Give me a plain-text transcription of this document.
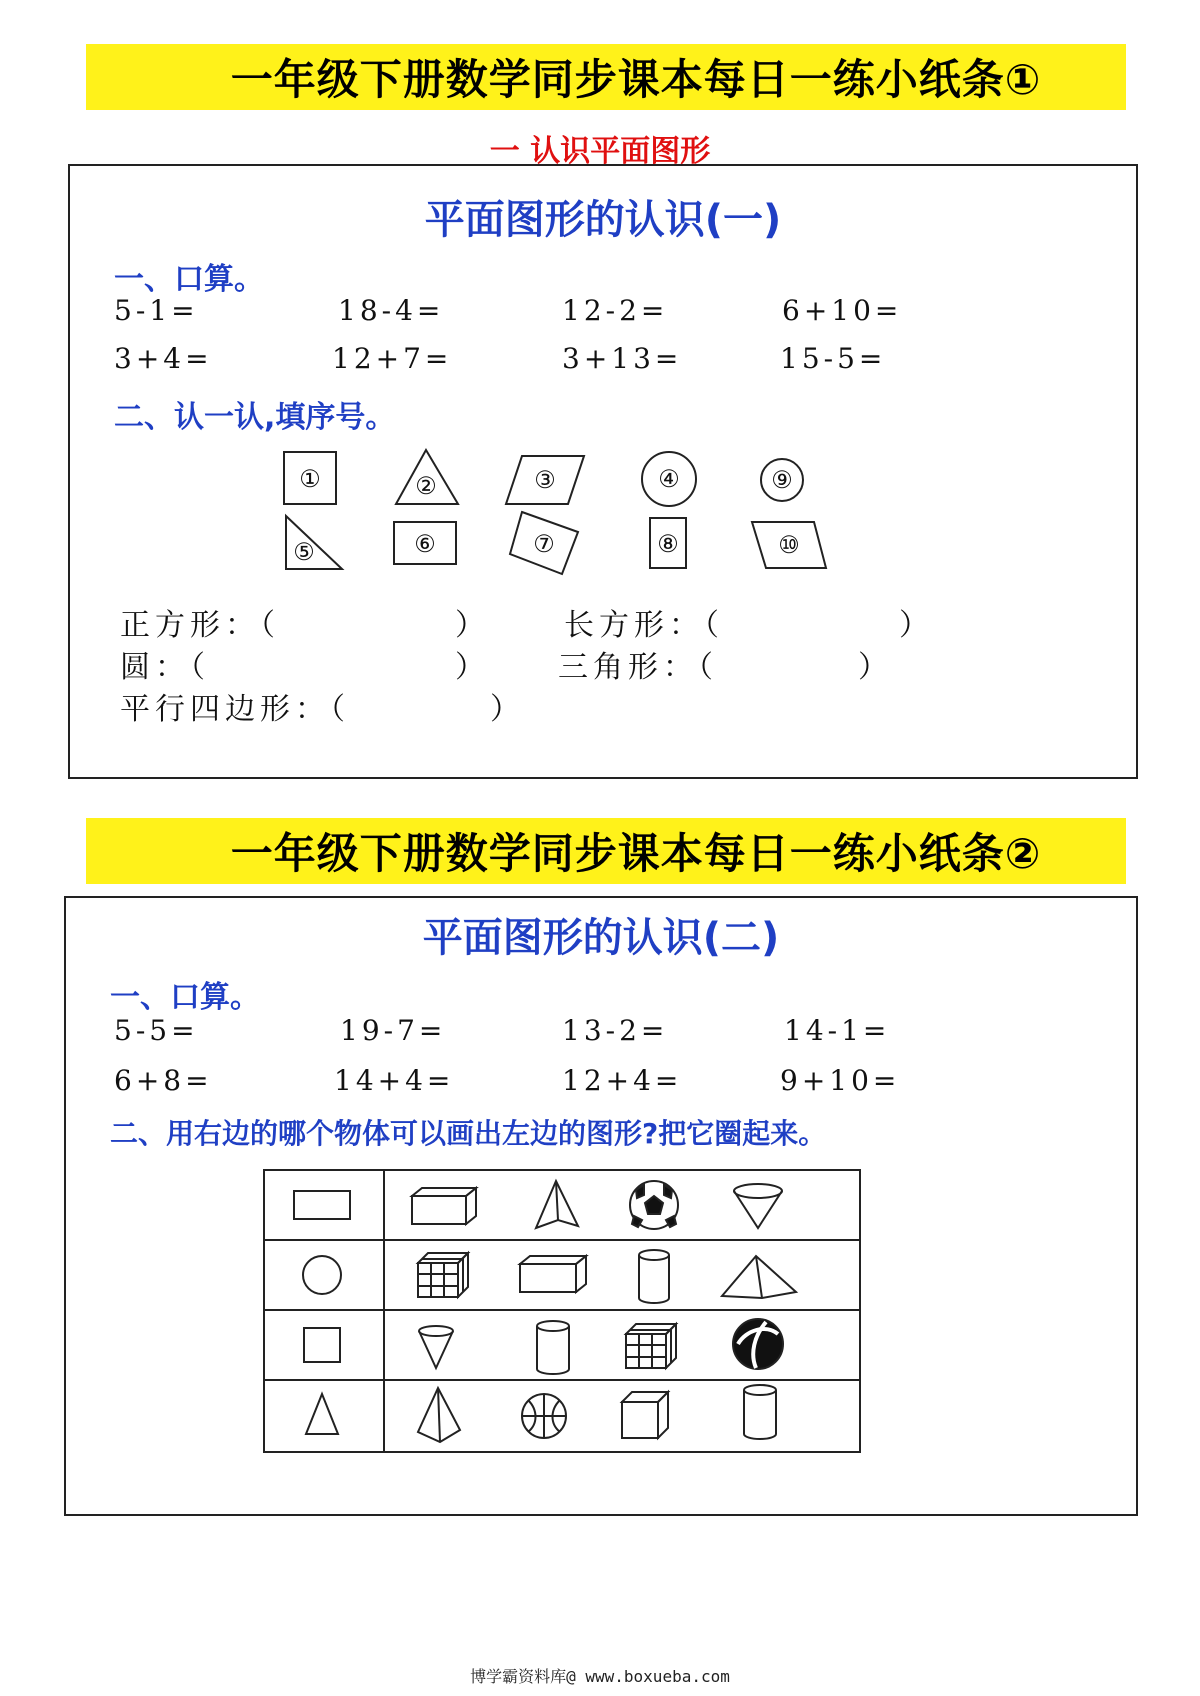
一年级下册数学同步课本每日一练小纸条①
一 认识平面图形
平面图形的认识(一)
一、口算。
5-1=	18-4=	12-2=	6+10=
3+4=	12+7=	3+13=	15-5=
二、认一认,填序号。
①	②	③	④	⑨
⑤	⑥	⑦	⑧	⑩
正方形：（　　　　　） 长方形：（　　　　　）
圆：（　　　　　　　） 三角形：（　　　　）
平行四边形：（　　　　）
一年级下册数学同步课本每日一练小纸条②
平面图形的认识(二)
一、口算。
5-5=	19-7=	13-2=	14-1=
6+8=	14+4=	12+4=	9+10=
二、用右边的哪个物体可以画出左边的图形?把它圈起来。
博学霸资料库@ www.boxueba.com
